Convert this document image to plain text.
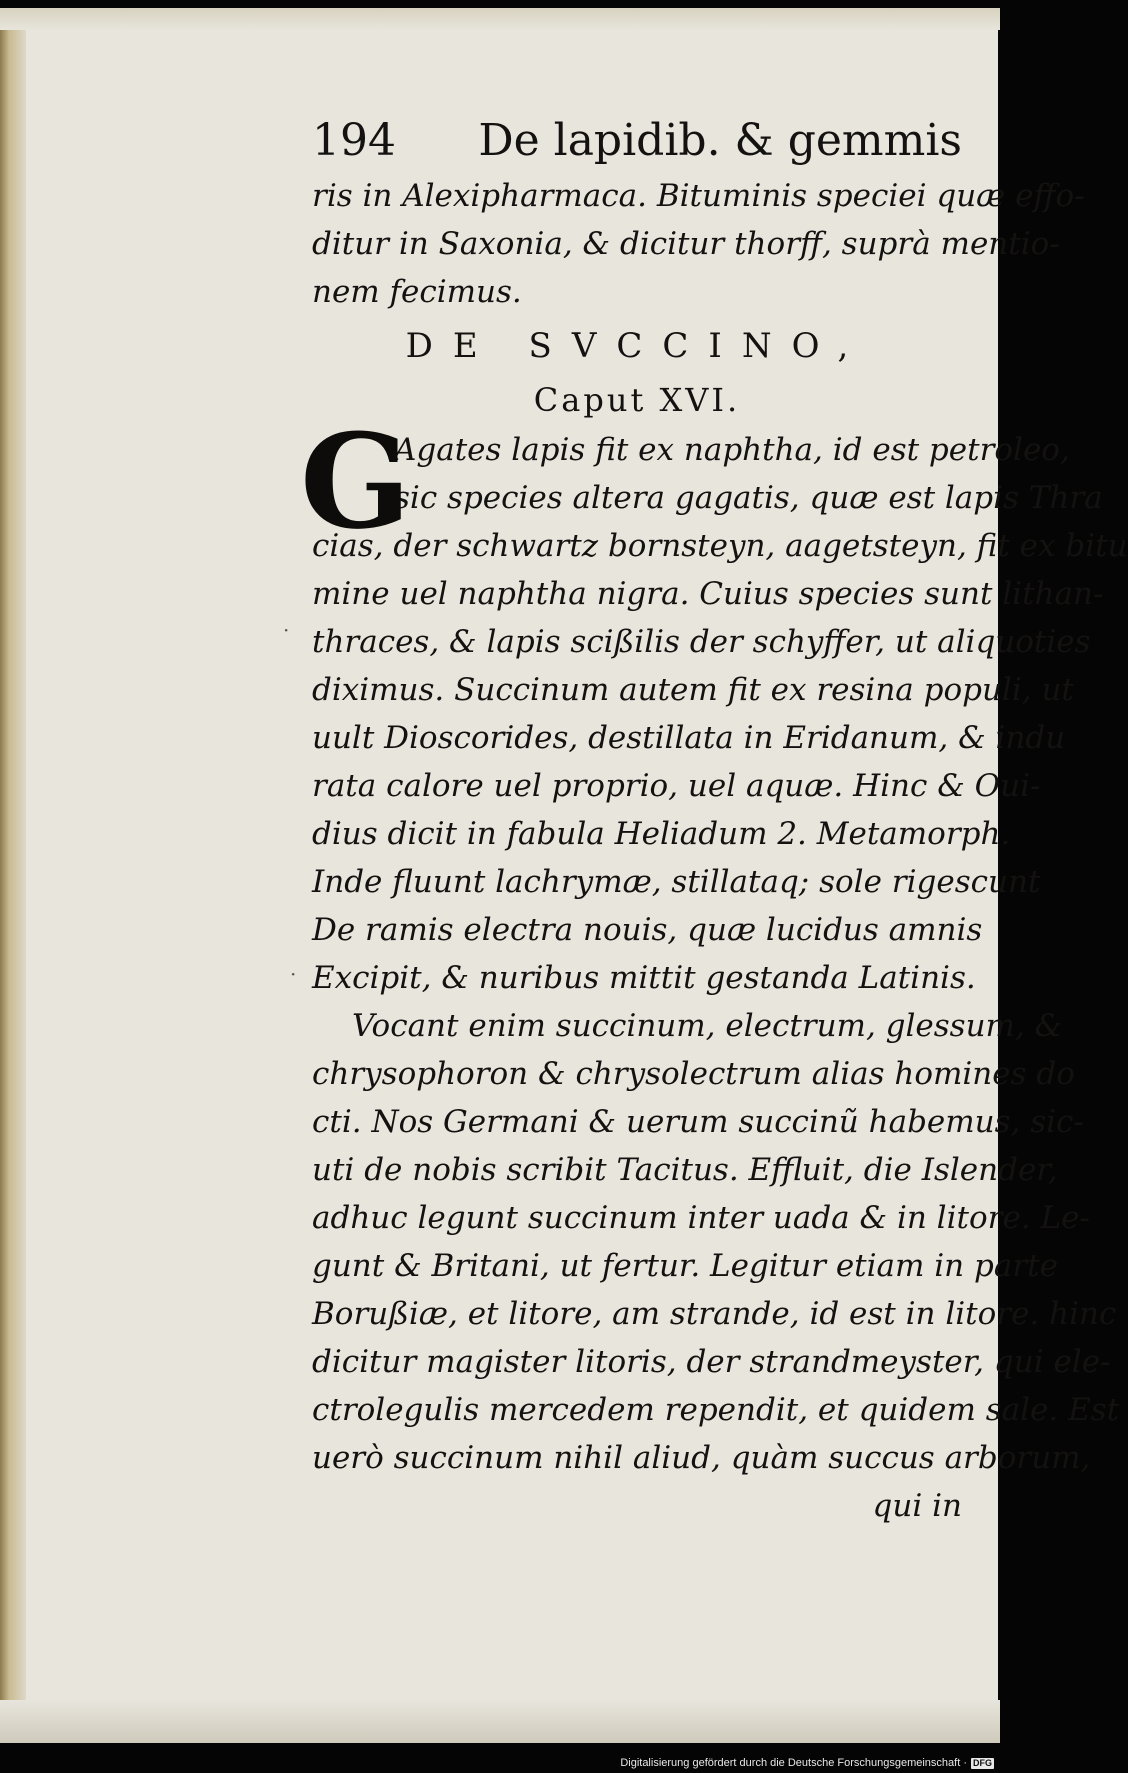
·
·
194 De lapidib. & gemmis
ris in Alexipharmaca. Bituminis speciei quæ effo-
ditur in Saxonia, & dicitur thorff, suprà mentio-
nem fecimus.
DE SVCCINO,
Caput XVI.
G
Agates lapis fit ex naphtha, id est petroleo,
sic species altera gagatis, quæ est lapis Thra
cias, der schwartz bornsteyn, aagetsteyn, fit ex bitu
mine uel naphtha nigra. Cuius species sunt lithan-
thraces, & lapis scißilis der schyffer, ut aliquoties
diximus. Succinum autem fit ex resina populi, ut
uult Dioscorides, destillata in Eridanum, & indu
rata calore uel proprio, uel aquæ. Hinc & Oui-
dius dicit in fabula Heliadum 2. Metamorph.
Inde fluunt lachrymæ, stillataq; sole rigescunt
De ramis electra nouis, quæ lucidus amnis
Excipit, & nuribus mittit gestanda Latinis.
Vocant enim succinum, electrum, glessum, &
chrysophoron & chrysolectrum alias homines do
cti. Nos Germani & uerum succinũ habemus, sic-
uti de nobis scribit Tacitus. Effluit, die Islender,
adhuc legunt succinum inter uada & in litore. Le-
gunt & Britani, ut fertur. Legitur etiam in parte
Borußiæ, et litore, am strande, id est in litore. hinc
dicitur magister litoris, der strandmeyster, qui ele-
ctrolegulis mercedem rependit, et quidem sale. Est
uerò succinum nihil aliud, quàm succus arborum,
qui in
Digitalisierung gefördert durch die Deutsche Forschungsgemeinschaft · DFG
